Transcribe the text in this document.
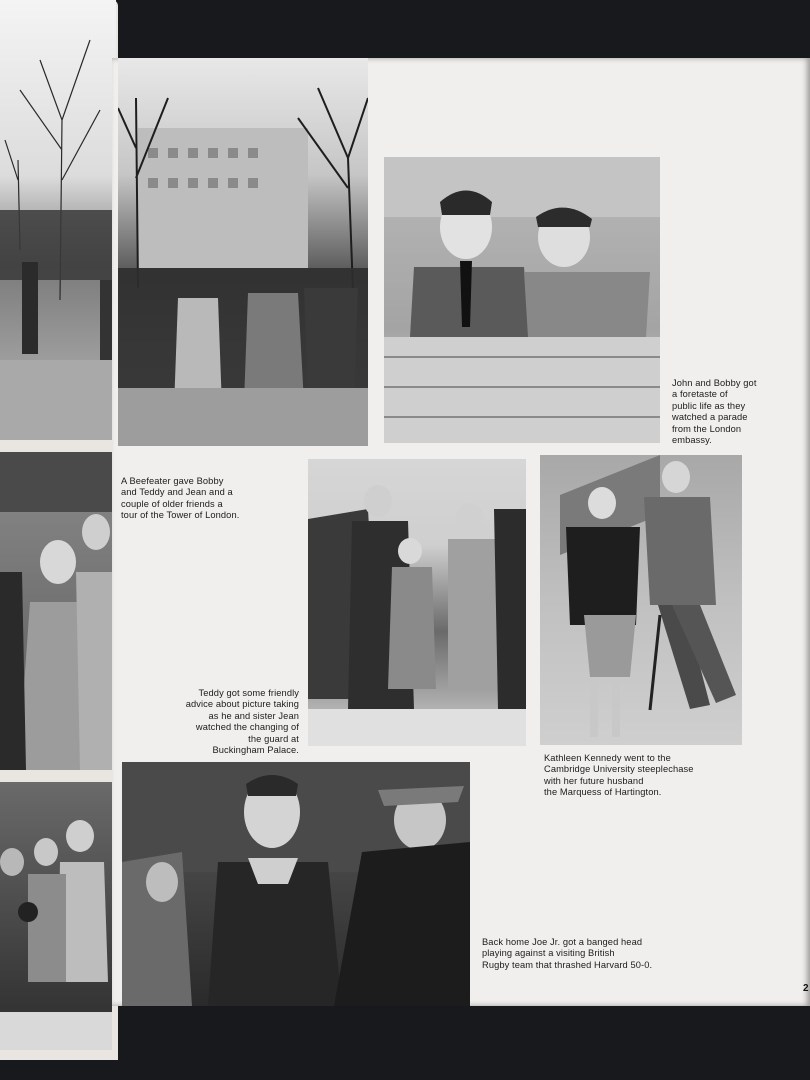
John and Bobby got
a foretaste of
public life as they
watched a parade
from the London
embassy.
A Beefeater gave Bobby
and Teddy and Jean and a
couple of older friends a
tour of the Tower of London.
Teddy got some friendly
advice about picture taking
as he and sister Jean
watched the changing of
the guard at
Buckingham Palace.
Kathleen Kennedy went to the
Cambridge University steeplechase
with her future husband
the Marquess of Hartington.
Back home Joe Jr. got a banged head
playing against a visiting British
Rugby team that thrashed Harvard 50-0.
2
